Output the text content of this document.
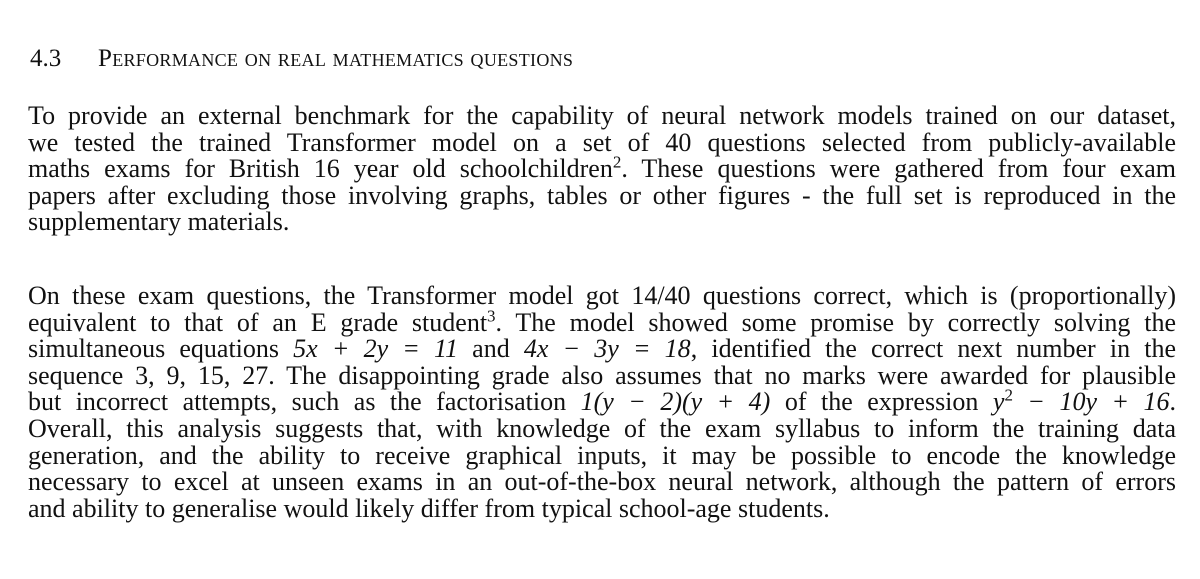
4.3 Performance on real mathematics questions
To provide an external benchmark for the capability of neural network models trained on our dataset,
we tested the trained Transformer model on a set of 40 questions selected from publicly-available
maths exams for British 16 year old schoolchildren$^2$. These questions were gathered from four exam
papers after excluding those involving graphs, tables or other figures - the full set is reproduced in the
supplementary materials.
On these exam questions, the Transformer model got 14/40 questions correct, which is (proportionally)
equivalent to that of an E grade student$^3$. The model showed some promise by correctly solving the
simultaneous equations 5x + 2y = 11 and 4x − 3y = 18, identified the correct next number in the
sequence 3, 9, 15, 27. The disappointing grade also assumes that no marks were awarded for plausible
but incorrect attempts, such as the factorisation 1(y − 2)(y + 4) of the expression $y^2 - 10y + 16$.
Overall, this analysis suggests that, with knowledge of the exam syllabus to inform the training data
generation, and the ability to receive graphical inputs, it may be possible to encode the knowledge
necessary to excel at unseen exams in an out-of-the-box neural network, although the pattern of errors
and ability to generalise would likely differ from typical school-age students.
